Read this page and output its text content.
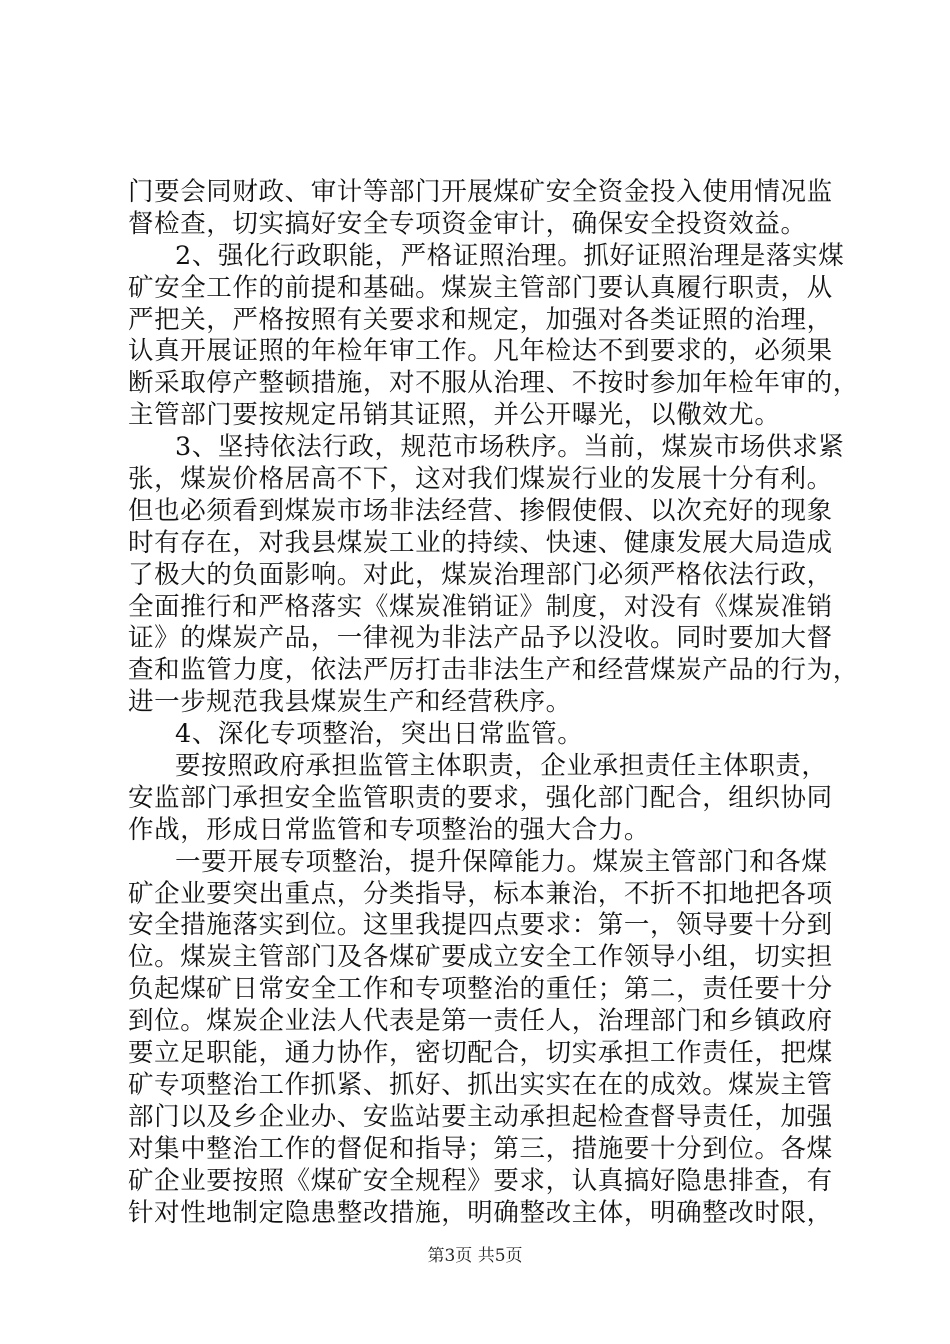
门要会同财政、审计等部门开展煤矿安全资金投入使用情况监
督检查，切实搞好安全专项资金审计，确保安全投资效益。
2、强化行政职能，严格证照治理。抓好证照治理是落实煤
矿安全工作的前提和基础。煤炭主管部门要认真履行职责，从
严把关，严格按照有关要求和规定，加强对各类证照的治理，
认真开展证照的年检年审工作。凡年检达不到要求的，必须果
断采取停产整顿措施，对不服从治理、不按时参加年检年审的，
主管部门要按规定吊销其证照，并公开曝光，以儆效尤。
3、坚持依法行政，规范市场秩序。当前，煤炭市场供求紧
张，煤炭价格居高不下，这对我们煤炭行业的发展十分有利。
但也必须看到煤炭市场非法经营、掺假使假、以次充好的现象
时有存在，对我县煤炭工业的持续、快速、健康发展大局造成
了极大的负面影响。对此，煤炭治理部门必须严格依法行政，
全面推行和严格落实《煤炭准销证》制度，对没有《煤炭准销
证》的煤炭产品，一律视为非法产品予以没收。同时要加大督
查和监管力度，依法严厉打击非法生产和经营煤炭产品的行为，
进一步规范我县煤炭生产和经营秩序。
4、深化专项整治，突出日常监管。
要按照政府承担监管主体职责，企业承担责任主体职责，
安监部门承担安全监管职责的要求，强化部门配合，组织协同
作战，形成日常监管和专项整治的强大合力。
一要开展专项整治，提升保障能力。煤炭主管部门和各煤
矿企业要突出重点，分类指导，标本兼治，不折不扣地把各项
安全措施落实到位。这里我提四点要求：第一，领导要十分到
位。煤炭主管部门及各煤矿要成立安全工作领导小组，切实担
负起煤矿日常安全工作和专项整治的重任；第二，责任要十分
到位。煤炭企业法人代表是第一责任人，治理部门和乡镇政府
要立足职能，通力协作，密切配合，切实承担工作责任，把煤
矿专项整治工作抓紧、抓好、抓出实实在在的成效。煤炭主管
部门以及乡企业办、安监站要主动承担起检查督导责任，加强
对集中整治工作的督促和指导；第三，措施要十分到位。各煤
矿企业要按照《煤矿安全规程》要求，认真搞好隐患排查，有
针对性地制定隐患整改措施，明确整改主体，明确整改时限，
第3页 共5页
